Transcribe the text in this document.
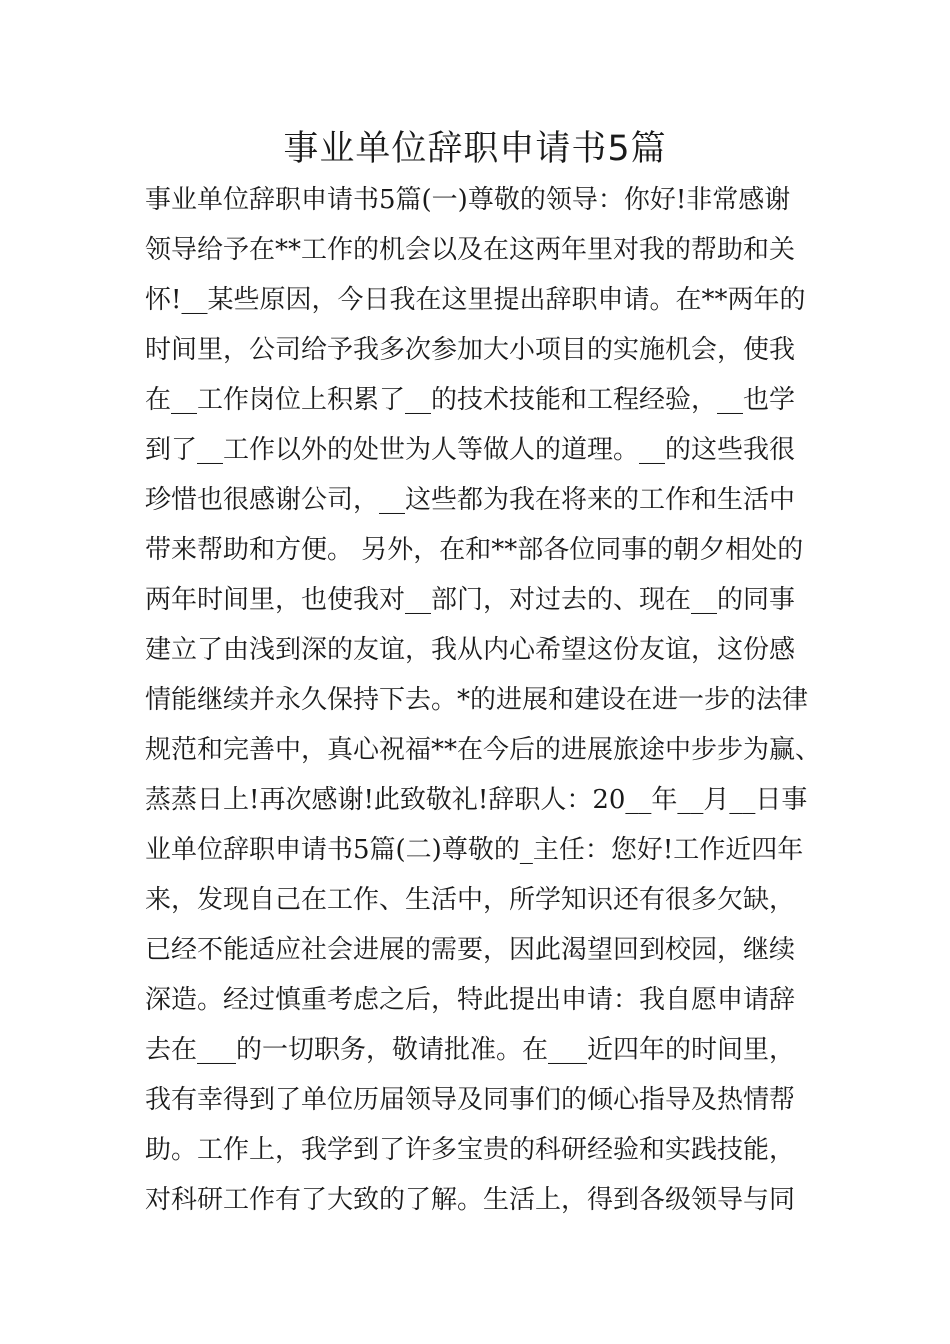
事业单位辞职申请书5篇
事业单位辞职申请书5篇(一)尊敬的领导：你好!非常感谢
领导给予在**工作的机会以及在这两年里对我的帮助和关
怀!__某些原因，今日我在这里提出辞职申请。在**两年的
时间里，公司给予我多次参加大小项目的实施机会，使我
在__工作岗位上积累了__的技术技能和工程经验，__也学
到了__工作以外的处世为人等做人的道理。__的这些我很
珍惜也很感谢公司，__这些都为我在将来的工作和生活中
带来帮助和方便。 另外，在和**部各位同事的朝夕相处的
两年时间里，也使我对__部门，对过去的、现在__的同事
建立了由浅到深的友谊，我从内心希望这份友谊，这份感
情能继续并永久保持下去。*的进展和建设在进一步的法律
规范和完善中，真心祝福**在今后的进展旅途中步步为赢、
蒸蒸日上!再次感谢!此致敬礼!辞职人：20__年__月__日事
业单位辞职申请书5篇(二)尊敬的_主任：您好!工作近四年
来，发现自己在工作、生活中，所学知识还有很多欠缺，
已经不能适应社会进展的需要，因此渴望回到校园，继续
深造。经过慎重考虑之后，特此提出申请：我自愿申请辞
去在___的一切职务，敬请批准。在___近四年的时间里，
我有幸得到了单位历届领导及同事们的倾心指导及热情帮
助。工作上，我学到了许多宝贵的科研经验和实践技能，
对科研工作有了大致的了解。生活上，得到各级领导与同
